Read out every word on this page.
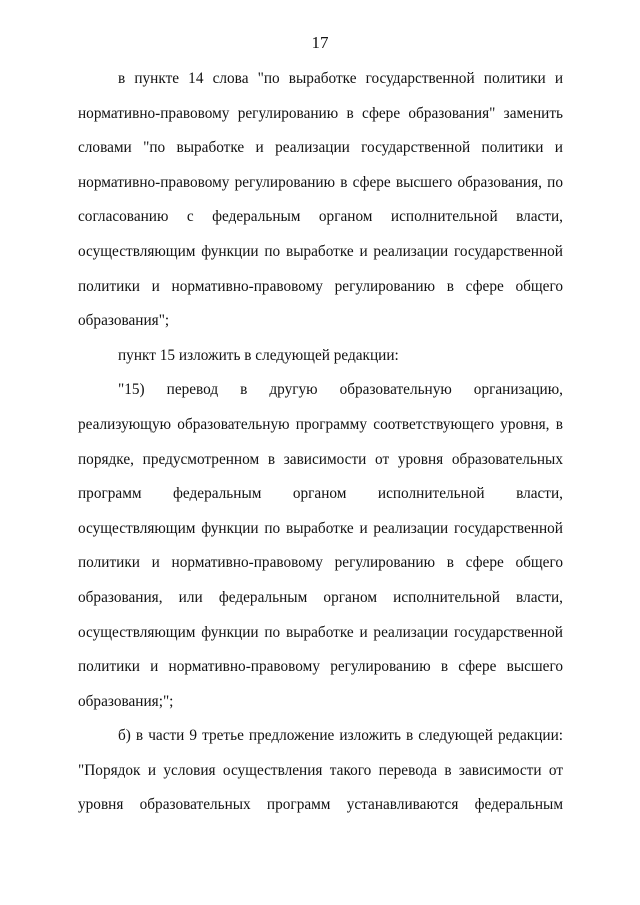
17

в пункте 14 слова "по выработке государственной политики и нормативно-правовому регулированию в сфере образования" заменить словами "по выработке и реализации государственной политики и нормативно-правовому регулированию в сфере высшего образования, по согласованию с федеральным органом исполнительной власти, осуществляющим функции по выработке и реализации государственной политики и нормативно-правовому регулированию в сфере общего образования";

пункт 15 изложить в следующей редакции:

"15) перевод в другую образовательную организацию, реализующую образовательную программу соответствующего уровня, в порядке, предусмотренном в зависимости от уровня образовательных программ федеральным органом исполнительной власти, осуществляющим функции по выработке и реализации государственной политики и нормативно-правовому регулированию в сфере общего образования, или федеральным органом исполнительной власти, осуществляющим функции по выработке и реализации государственной политики и нормативно-правовому регулированию в сфере высшего образования;";

б) в части 9 третье предложение изложить в следующей редакции: "Порядок и условия осуществления такого перевода в зависимости от уровня образовательных программ устанавливаются федеральным
